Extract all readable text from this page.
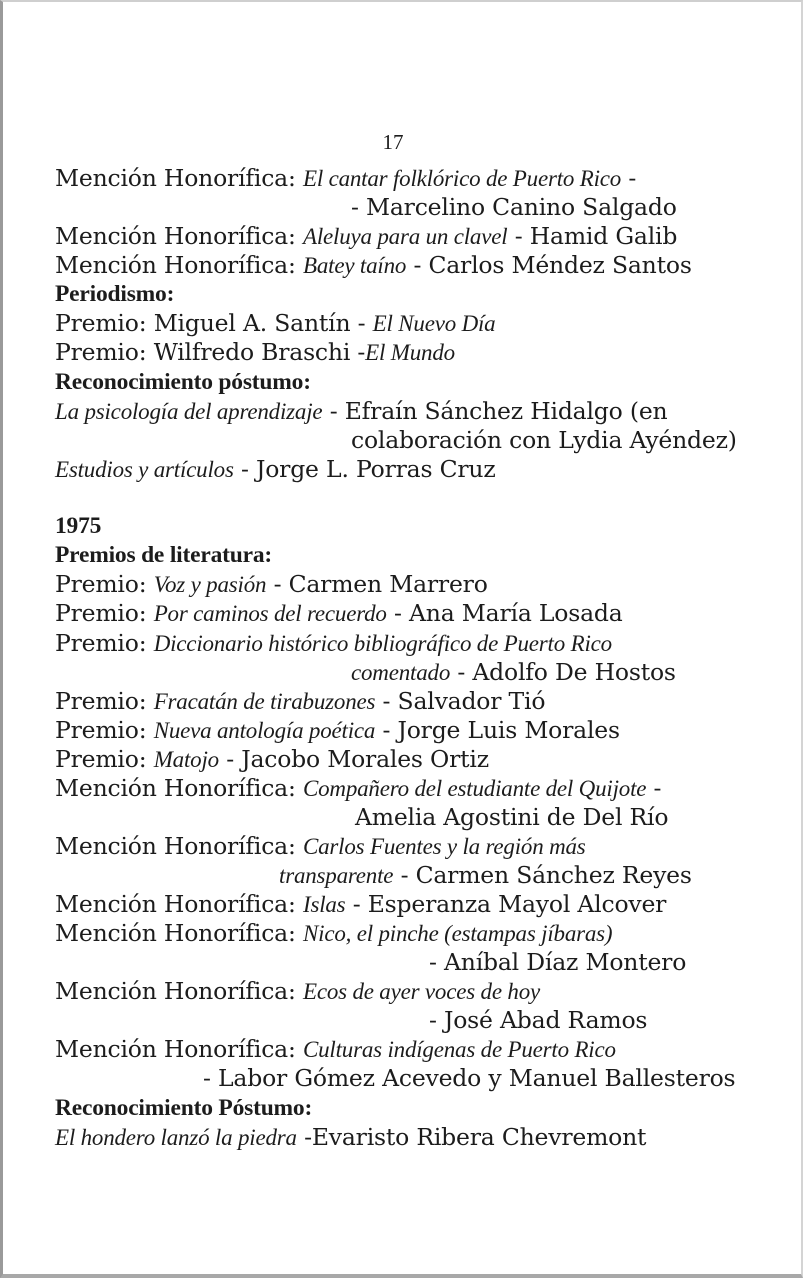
17
Mención Honorífica: El cantar folklórico de Puerto Rico -
- Marcelino Canino Salgado
Mención Honorífica: Aleluya para un clavel - Hamid Galib
Mención Honorífica: Batey taíno - Carlos Méndez Santos
Periodismo:
Premio: Miguel A. Santín - El Nuevo Día
Premio: Wilfredo Braschi -El Mundo
Reconocimiento póstumo:
La psicología del aprendizaje - Efraín Sánchez Hidalgo (en
colaboración con Lydia Ayéndez)
Estudios y artículos - Jorge L. Porras Cruz
1975
Premios de literatura:
Premio: Voz y pasión - Carmen Marrero
Premio: Por caminos del recuerdo - Ana María Losada
Premio: Diccionario histórico bibliográfico de Puerto Rico
comentado - Adolfo De Hostos
Premio: Fracatán de tirabuzones - Salvador Tió
Premio: Nueva antología poética - Jorge Luis Morales
Premio: Matojo - Jacobo Morales Ortiz
Mención Honorífica: Compañero del estudiante del Quijote -
Amelia Agostini de Del Río
Mención Honorífica: Carlos Fuentes y la región más
transparente - Carmen Sánchez Reyes
Mención Honorífica: Islas - Esperanza Mayol Alcover
Mención Honorífica: Nico, el pinche (estampas jíbaras)
- Aníbal Díaz Montero
Mención Honorífica: Ecos de ayer voces de hoy
- José Abad Ramos
Mención Honorífica: Culturas indígenas de Puerto Rico
- Labor Gómez Acevedo y Manuel Ballesteros
Reconocimiento Póstumo:
El hondero lanzó la piedra -Evaristo Ribera Chevremont
